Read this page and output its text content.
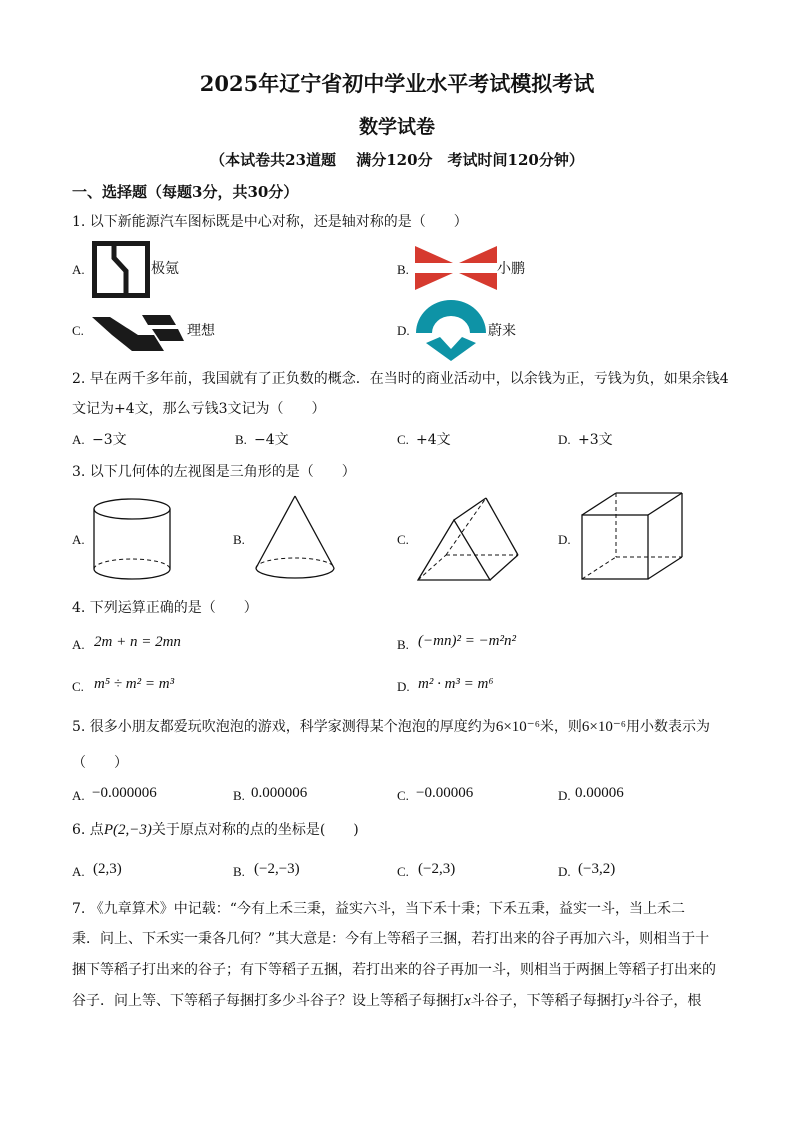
2025年辽宁省初中学业水平考试模拟考试
数学试卷
（本试卷共23道题　 满分120分　考试时间120分钟）
一、选择题（每题3分，共30分）
1. 以下新能源汽车图标既是中心对称，还是轴对称的是（　　）
A.	极氪	B.	小鹏
C.	理想	D.	蔚来
2. 早在两千多年前，我国就有了正负数的概念．在当时的商业活动中，以余钱为正，亏钱为负，如果余钱4
文记为+4文，那么亏钱3文记为（　　）
A. −3文	B. −4文	C. +4文	D. +3文
3. 以下几何体的左视图是三角形的是（　　）
A.	B.	C.	D.
4. 下列运算正确的是（　　）
A. 2m + n = 2mn	B. (−mn)² = −m²n²
C. m⁵ ÷ m² = m³	D. m² · m³ = m⁶
5. 很多小朋友都爱玩吹泡泡的游戏，科学家测得某个泡泡的厚度约为6×10⁻⁶米，则6×10⁻⁶用小数表示为
（　　）
A. −0.000006	B. 0.000006	C. −0.00006	D. 0.00006
6. 点P(2,−3)关于原点对称的点的坐标是(　　)
A. (2,3)	B. (−2,−3)	C. (−2,3)	D. (−3,2)
7. 《九章算术》中记载：“今有上禾三秉，益实六斗，当下禾十秉；下禾五秉，益实一斗，当上禾二
秉．问上、下禾实一秉各几何？”其大意是：今有上等稻子三捆，若打出来的谷子再加六斗，则相当于十
捆下等稻子打出来的谷子；有下等稻子五捆，若打出来的谷子再加一斗，则相当于两捆上等稻子打出来的
谷子．问上等、下等稻子每捆打多少斗谷子？设上等稻子每捆打x斗谷子，下等稻子每捆打y斗谷子，根
